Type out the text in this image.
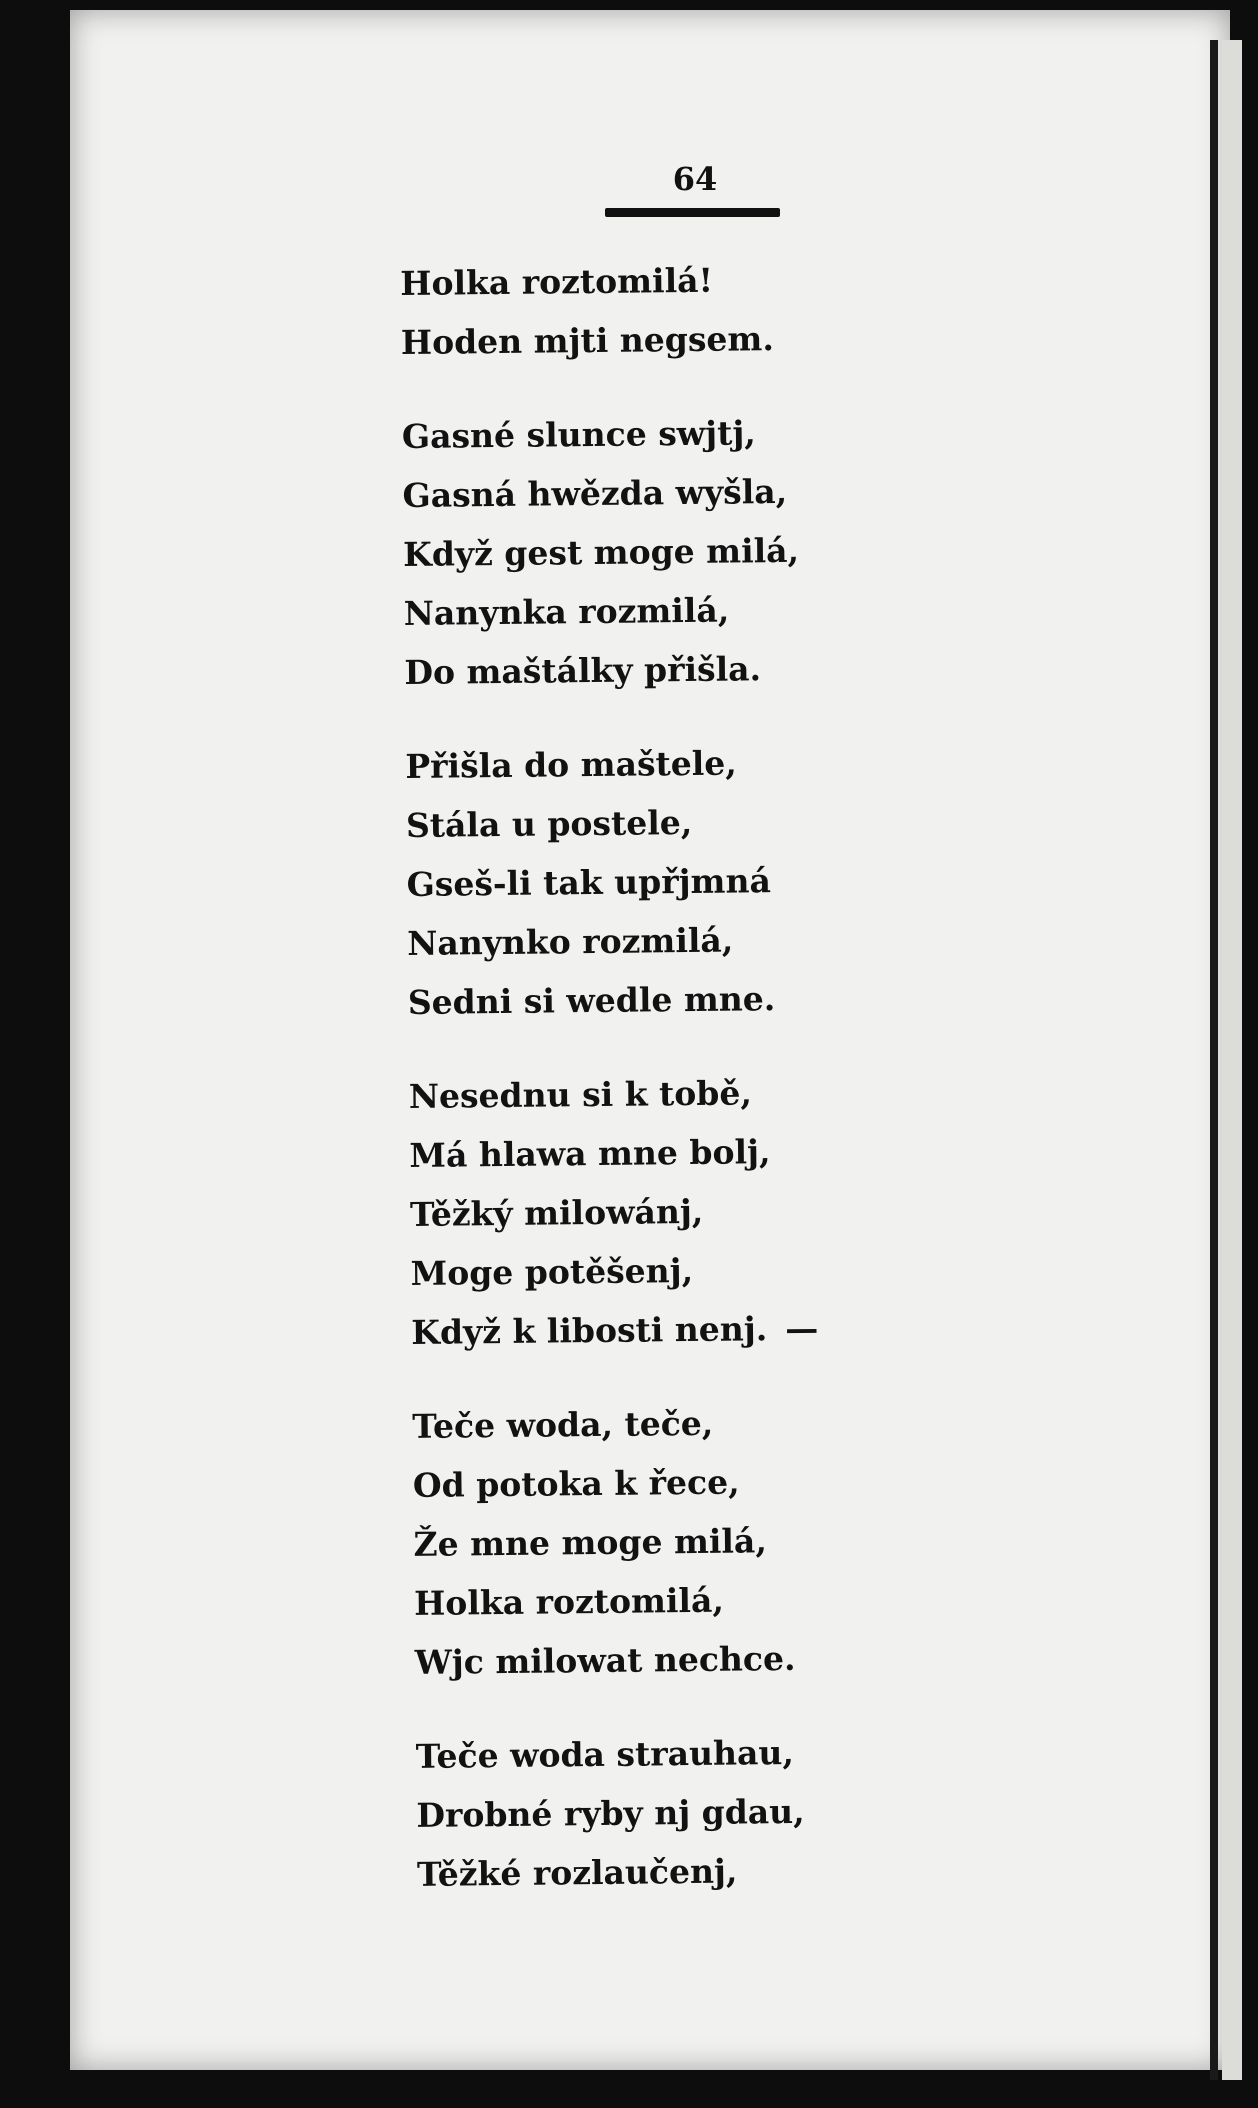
64
Holka roztomilá!
Hoden mjti negsem.
Gasné slunce swjtj,
Gasná hwězda wyšla,
Když gest moge milá,
Nanynka rozmilá,
Do maštálky přišla.
Přišla do maštele,
Stála u postele,
Gseš-li tak upřjmná
Nanynko rozmilá,
Sedni si wedle mne.
Nesednu si k tobě,
Má hlawa mne bolj,
Těžký milowánj,
Moge potěšenj,
Když k libosti nenj. —
Teče woda, teče,
Od potoka k řece,
Že mne moge milá,
Holka roztomilá,
Wjc milowat nechce.
Teče woda strauhau,
Drobné ryby nj gdau,
Těžké rozlaučenj,
